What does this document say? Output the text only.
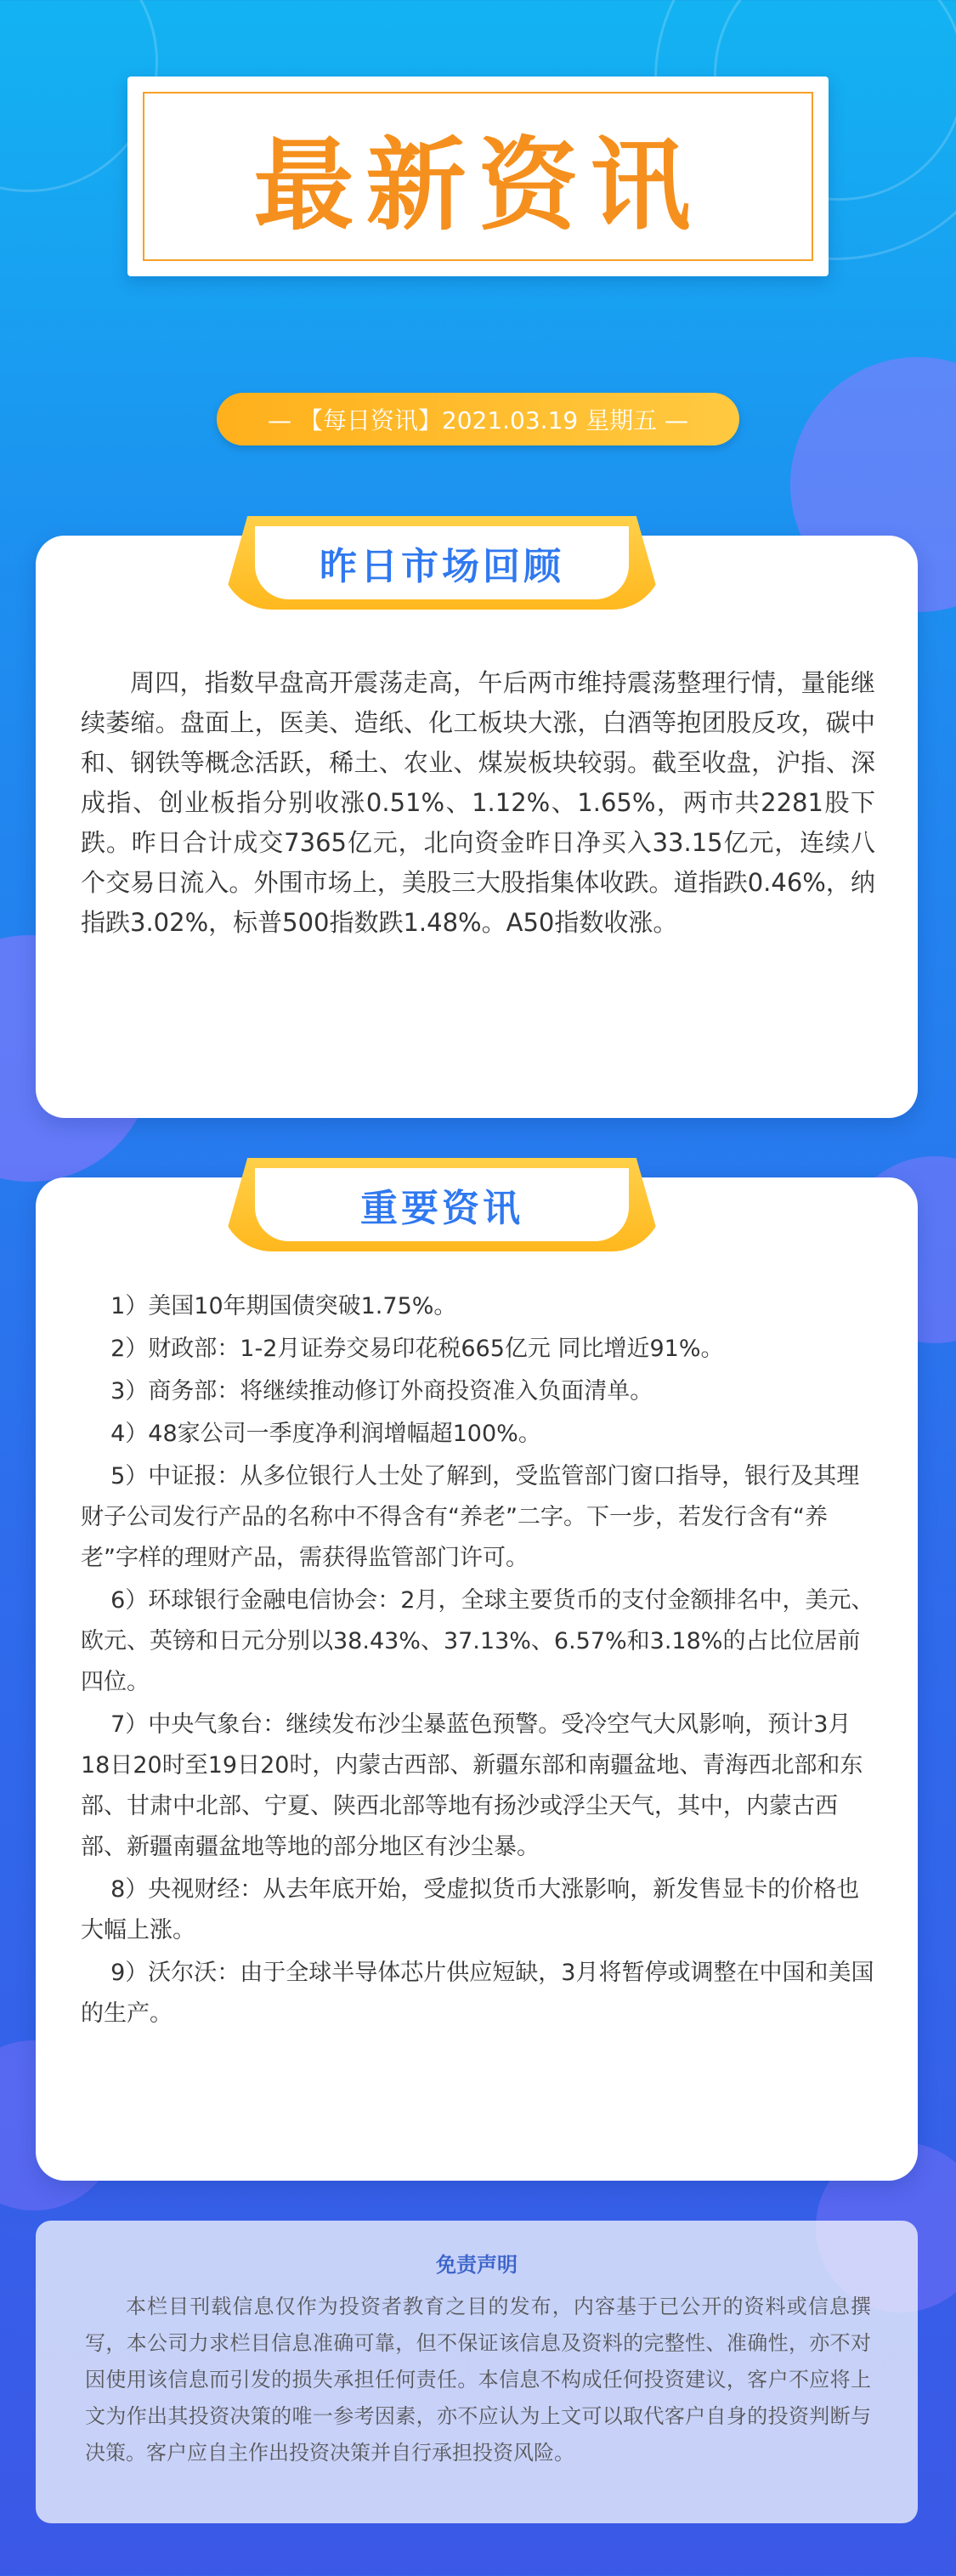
最新资讯
— 【每日资讯】2021.03.19 星期五 —
昨日市场回顾

周四，指数早盘高开震荡走高，午后两市维持震荡整理行情，量能继续萎缩。盘面上，医美、造纸、化工板块大涨，白酒等抱团股反攻，碳中和、钢铁等概念活跃，稀土、农业、煤炭板块较弱。截至收盘，沪指、深成指、创业板指分别收涨0.51%、1.12%、1.65%，两市共2281股下跌。昨日合计成交7365亿元，北向资金昨日净买入33.15亿元，连续八个交易日流入。外围市场上，美股三大股指集体收跌。道指跌0.46%，纳指跌3.02%，标普500指数跌1.48%。A50指数收涨。

重要资讯
1）美国10年期国债突破1.75%。
2）财政部：1-2月证券交易印花税665亿元 同比增近91%。
3）商务部：将继续推动修订外商投资准入负面清单。
4）48家公司一季度净利润增幅超100%。
5）中证报：从多位银行人士处了解到，受监管部门窗口指导，银行及其理财子公司发行产品的名称中不得含有“养老”二字。下一步，若发行含有“养老”字样的理财产品，需获得监管部门许可。
6）环球银行金融电信协会：2月，全球主要货币的支付金额排名中，美元、欧元、英镑和日元分别以38.43%、37.13%、6.57%和3.18%的占比位居前四位。
7）中央气象台：继续发布沙尘暴蓝色预警。受冷空气大风影响，预计3月18日20时至19日20时，内蒙古西部、新疆东部和南疆盆地、青海西北部和东部、甘肃中北部、宁夏、陕西北部等地有扬沙或浮尘天气，其中，内蒙古西部、新疆南疆盆地等地的部分地区有沙尘暴。
8）央视财经：从去年底开始，受虚拟货币大涨影响，新发售显卡的价格也大幅上涨。
9）沃尔沃：由于全球半导体芯片供应短缺，3月将暂停或调整在中国和美国的生产。
免责声明

本栏目刊载信息仅作为投资者教育之目的发布，内容基于已公开的资料或信息撰写，本公司力求栏目信息准确可靠，但不保证该信息及资料的完整性、准确性，亦不对因使用该信息而引发的损失承担任何责任。本信息不构成任何投资建议，客户不应将上文为作出其投资决策的唯一参考因素，亦不应认为上文可以取代客户自身的投资判断与决策。客户应自主作出投资决策并自行承担投资风险。
